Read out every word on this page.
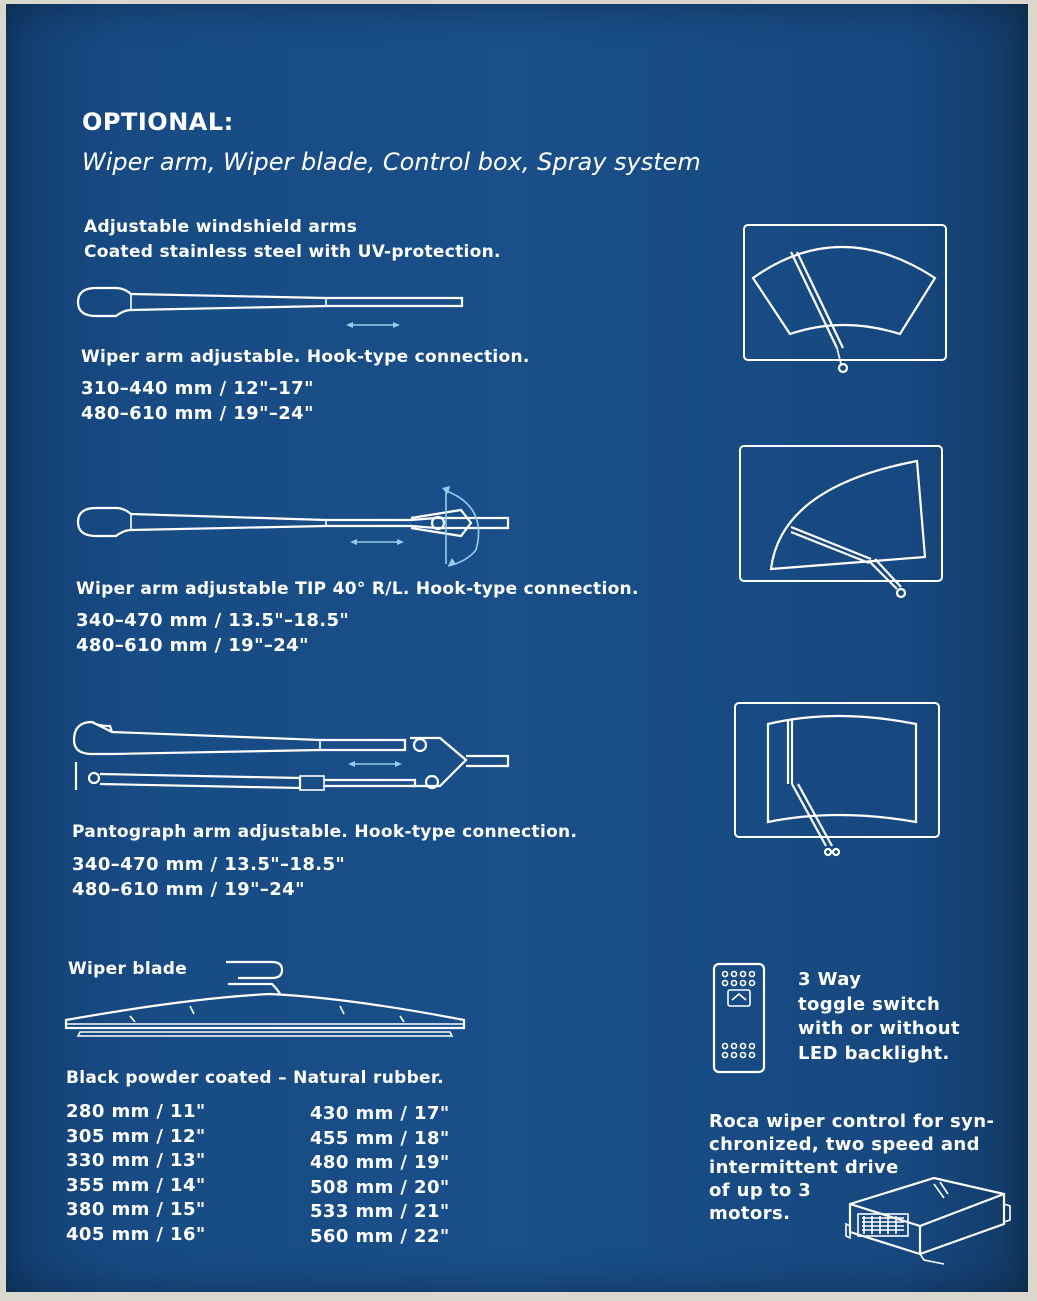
OPTIONAL:
Wiper arm, Wiper blade, Control box, Spray system
Adjustable windshield arms
Coated stainless steel with UV-protection.
Wiper arm adjustable. Hook-type connection.
310–440 mm / 12"–17"
480–610 mm / 19"–24"
Wiper arm adjustable TIP 40° R/L. Hook-type connection.
340–470 mm / 13.5"–18.5"
480–610 mm / 19"–24"
Pantograph arm adjustable. Hook-type connection.
340–470 mm / 13.5"–18.5"
480–610 mm / 19"–24"
Wiper blade
Black powder coated – Natural rubber.
280 mm / 11"
305 mm / 12"
330 mm / 13"
355 mm / 14"
380 mm / 15"
405 mm / 16"
430 mm / 17"
455 mm / 18"
480 mm / 19"
508 mm / 20"
533 mm / 21"
560 mm / 22"
3 Way
toggle switch
with or without
LED backlight.
Roca wiper control for syn-
chronized, two speed and
intermittent drive
of up to 3
motors.
